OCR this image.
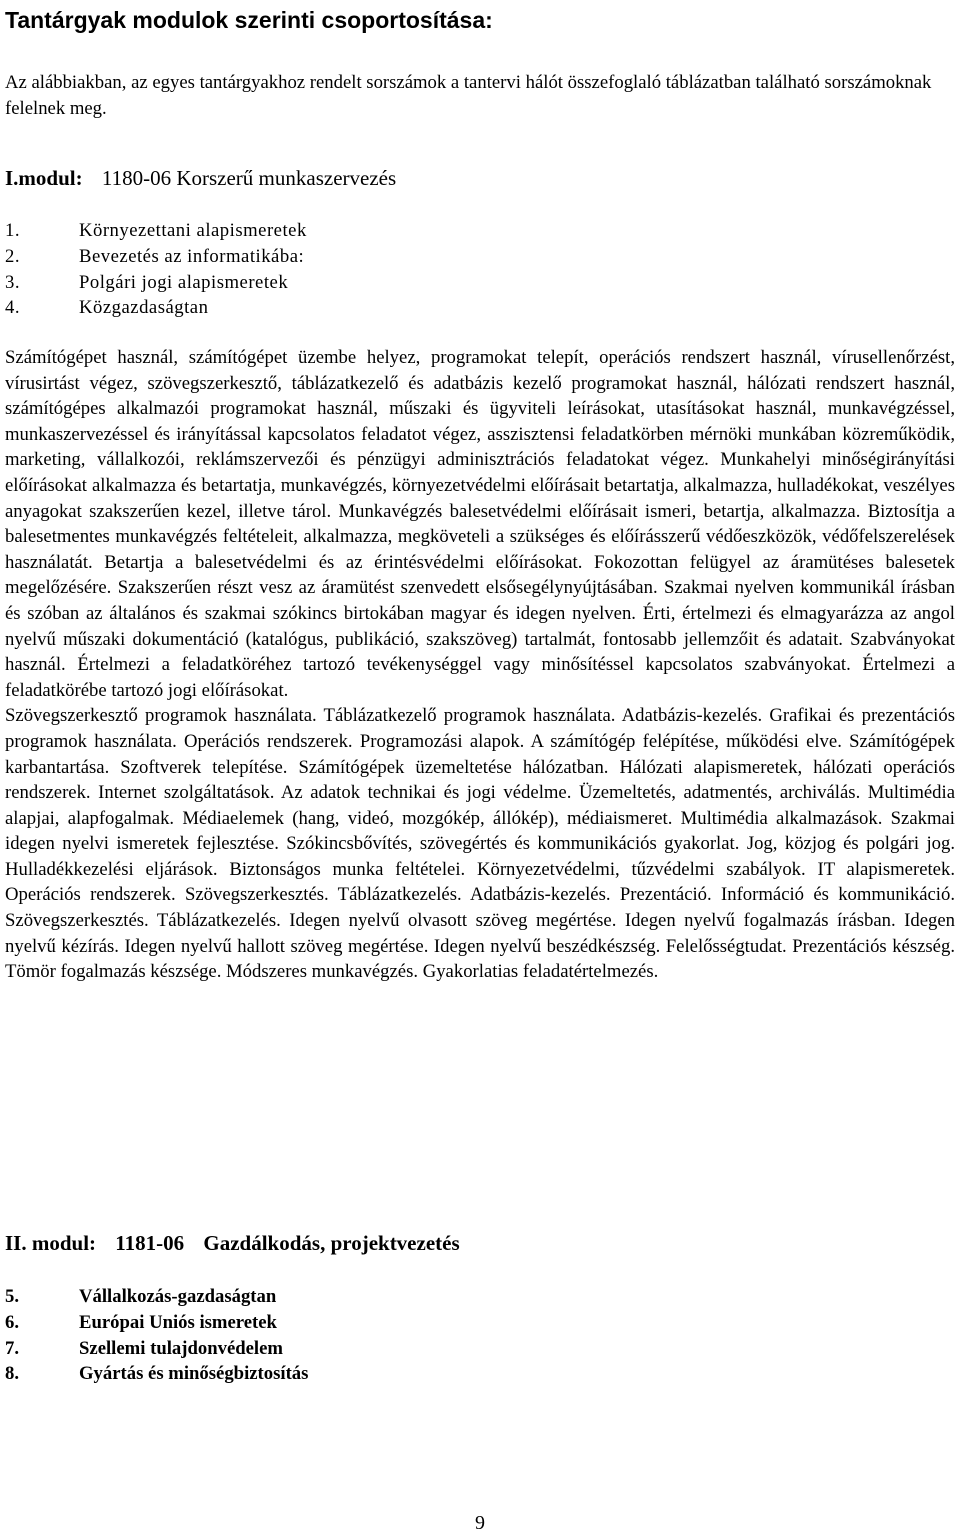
Tantárgyak modulok szerinti csoportosítása:
Az alábbiakban, az egyes tantárgyakhoz rendelt sorszámok a tantervi hálót összefoglaló táblázatban található sorszámoknak felelnek meg.
I.modul: 1180-06 Korszerű munkaszervezés
1.	Környezettani alapismeretek
2.	Bevezetés az informatikába:
3.	Polgári jogi alapismeretek
4.	Közgazdaságtan

Számítógépet használ, számítógépet üzembe helyez, programokat telepít, operációs rendszert használ, vírusellenőrzést, vírusirtást végez, szövegszerkesztő, táblázatkezelő és adatbázis kezelő programokat használ, hálózati rendszert használ, számítógépes alkalmazói programokat használ, műszaki és ügyviteli leírásokat, utasításokat használ, munkavégzéssel, munkaszervezéssel és irányítással kapcsolatos feladatot végez, asszisztensi feladatkörben mérnöki munkában közreműködik, marketing, vállalkozói, reklámszervezői és pénzügyi adminisztrációs feladatokat végez. Munkahelyi minőségirányítási előírásokat alkalmazza és betartatja, munkavégzés, környezetvédelmi előírásait betartatja, alkalmazza, hulladékokat, veszélyes anyagokat szakszerűen kezel, illetve tárol. Munkavégzés balesetvédelmi előírásait ismeri, betartja, alkalmazza. Biztosítja a balesetmentes munkavégzés feltételeit, alkalmazza, megköveteli a szükséges és előírásszerű védőeszközök, védőfelszerelések használatát. Betartja a balesetvédelmi és az érintésvédelmi előírásokat. Fokozottan felügyel az áramütéses balesetek megelőzésére. Szakszerűen részt vesz az áramütést szenvedett elsősegélynyújtásában. Szakmai nyelven kommunikál írásban és szóban az általános és szakmai szókincs birtokában magyar és idegen nyelven. Érti, értelmezi és elmagyarázza az angol nyelvű műszaki dokumentáció (katalógus, publikáció, szakszöveg) tartalmát, fontosabb jellemzőit és adatait. Szabványokat használ. Értelmezi a feladatköréhez tartozó tevékenységgel vagy minősítéssel kapcsolatos szabványokat. Értelmezi a feladatkörébe tartozó jogi előírásokat.

Szövegszerkesztő programok használata. Táblázatkezelő programok használata. Adatbázis-kezelés. Grafikai és prezentációs programok használata. Operációs rendszerek. Programozási alapok. A számítógép felépítése, működési elve. Számítógépek karbantartása. Szoftverek telepítése. Számítógépek üzemeltetése hálózatban. Hálózati alapismeretek, hálózati operációs rendszerek. Internet szolgáltatások. Az adatok technikai és jogi védelme. Üzemeltetés, adatmentés, archiválás. Multimédia alapjai, alapfogalmak. Médiaelemek (hang, videó, mozgókép, állókép), médiaismeret. Multimédia alkalmazások. Szakmai idegen nyelvi ismeretek fejlesztése. Szókincsbővítés, szövegértés és kommunikációs gyakorlat. Jog, közjog és polgári jog. Hulladékkezelési eljárások. Biztonságos munka feltételei. Környezetvédelmi, tűzvédelmi szabályok. IT alapismeretek. Operációs rendszerek. Szövegszerkesztés. Táblázatkezelés. Adatbázis-kezelés. Prezentáció. Információ és kommunikáció. Szövegszerkesztés. Táblázatkezelés. Idegen nyelvű olvasott szöveg megértése. Idegen nyelvű fogalmazás írásban. Idegen nyelvű kézírás. Idegen nyelvű hallott szöveg megértése. Idegen nyelvű beszédkészség. Felelősségtudat. Prezentációs készség. Tömör fogalmazás készsége. Módszeres munkavégzés. Gyakorlatias feladatértelmezés.

II. modul: 1181-06 Gazdálkodás, projektvezetés
5.	Vállalkozás-gazdaságtan
6.	Európai Uniós ismeretek
7.	Szellemi tulajdonvédelem
8.	Gyártás és minőségbiztosítás
9
